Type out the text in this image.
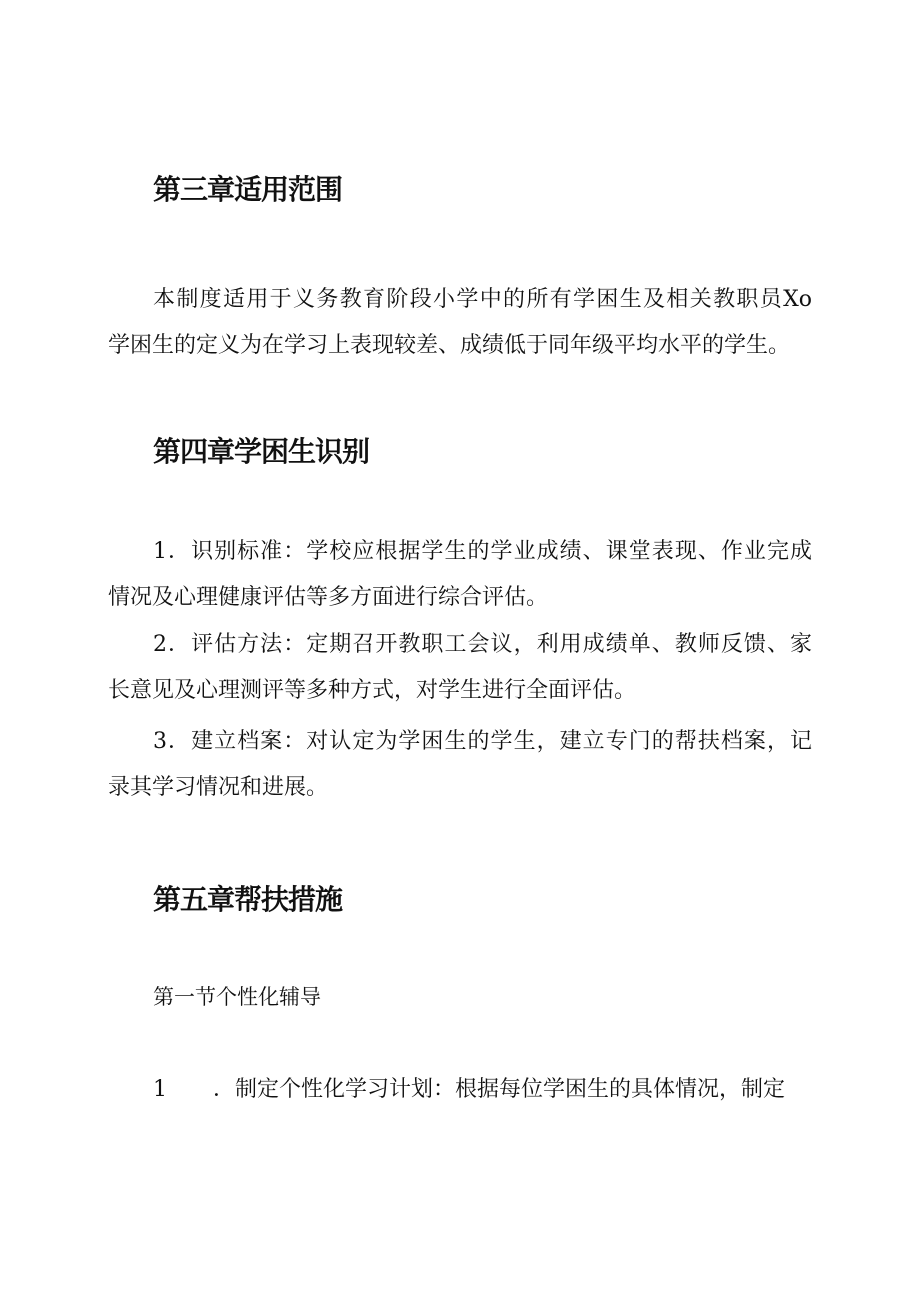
第三章适用范围
本制度适用于义务教育阶段小学中的所有学困生及相关教职员Xo
学困生的定义为在学习上表现较差、成绩低于同年级平均水平的学生。
第四章学困生识别
1．识别标准：学校应根据学生的学业成绩、课堂表现、作业完成
情况及心理健康评估等多方面进行综合评估。
2．评估方法：定期召开教职工会议，利用成绩单、教师反馈、家
长意见及心理测评等多种方式，对学生进行全面评估。
3．建立档案：对认定为学困生的学生，建立专门的帮扶档案，记
录其学习情况和进展。
第五章帮扶措施
第一节个性化辅导
1 ．制定个性化学习计划：根据每位学困生的具体情况，制定
